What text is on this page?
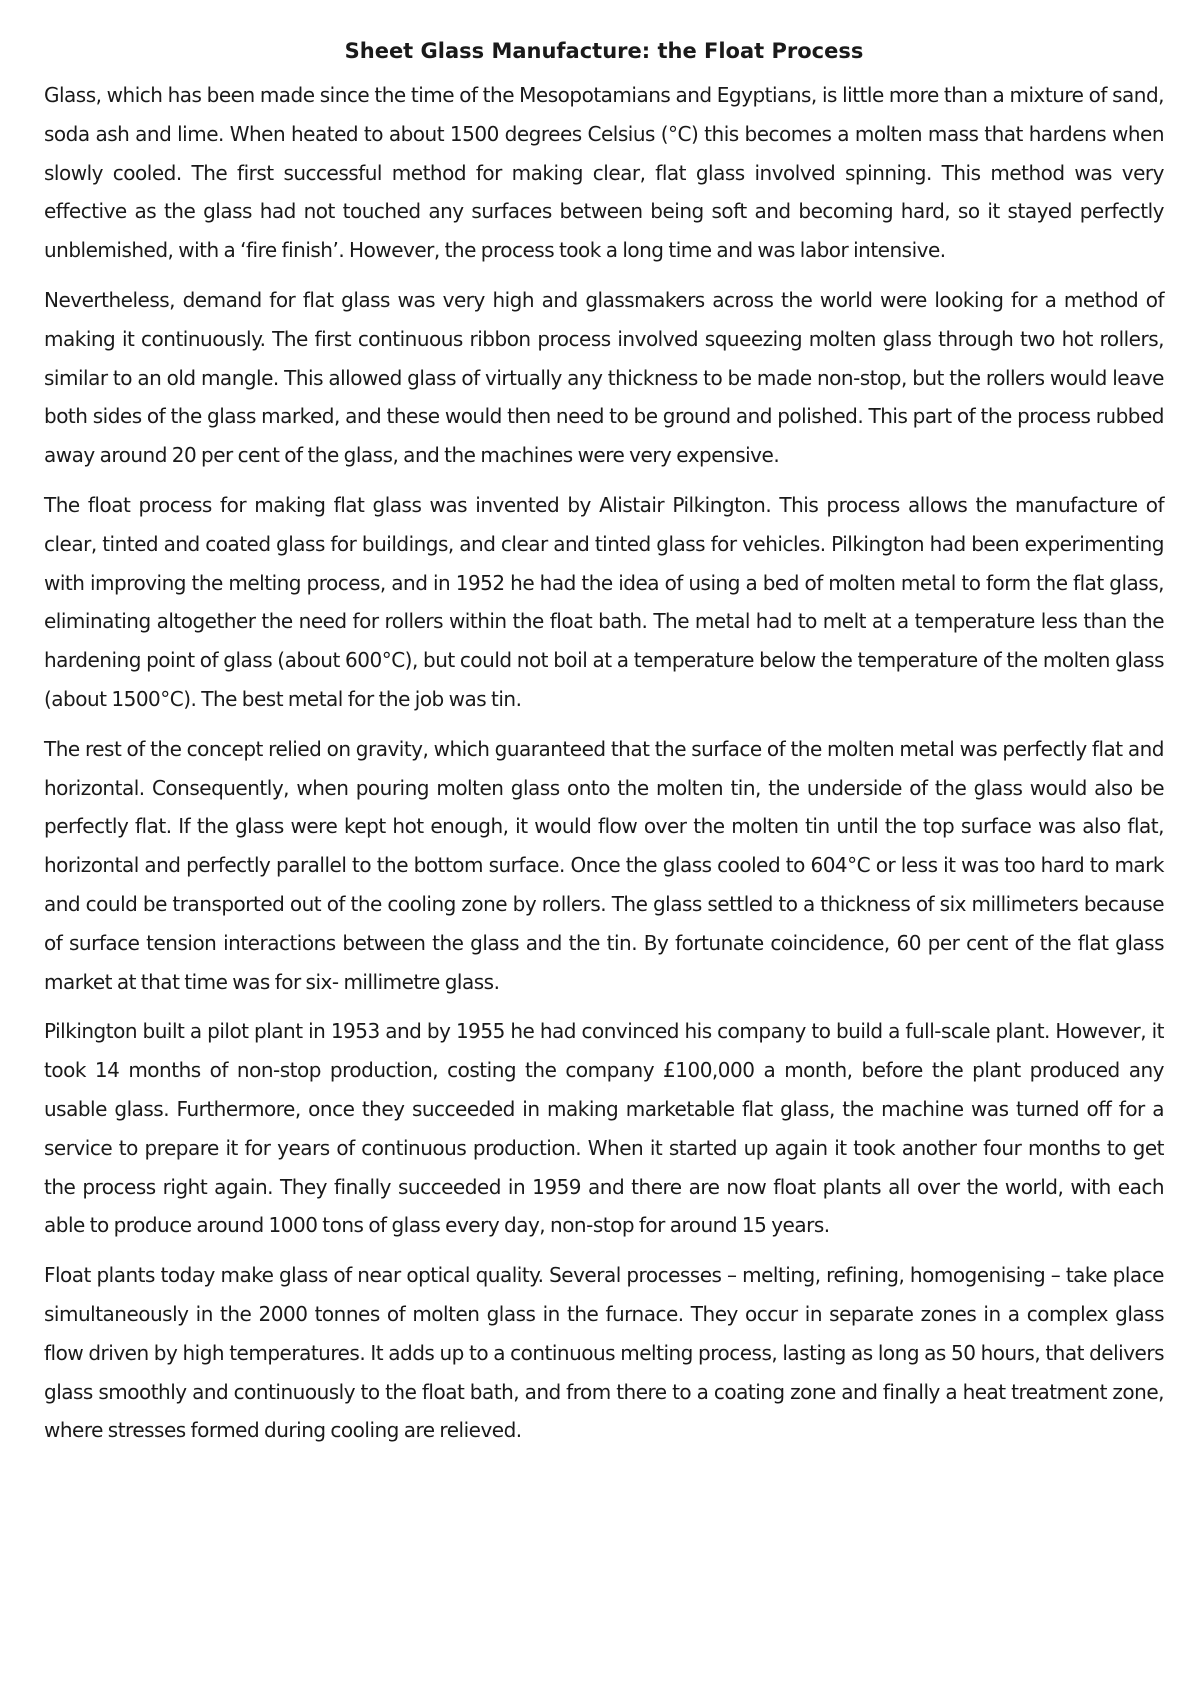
Sheet Glass Manufacture: the Float Process

Glass, which has been made since the time of the Mesopotamians and Egyptians, is little more than a mixture of sand, soda ash and lime. When heated to about 1500 degrees Celsius (°C) this becomes a molten mass that hardens when slowly cooled. The first successful method for making clear, flat glass involved spinning. This method was very effective as the glass had not touched any surfaces between being soft and becoming hard, so it stayed perfectly unblemished, with a ‘fire finish’. However, the process took a long time and was labor intensive.

Nevertheless, demand for flat glass was very high and glassmakers across the world were looking for a method of making it continuously. The first continuous ribbon process involved squeezing molten glass through two hot rollers, similar to an old mangle. This allowed glass of virtually any thickness to be made non-stop, but the rollers would leave both sides of the glass marked, and these would then need to be ground and polished. This part of the process rubbed away around 20 per cent of the glass, and the machines were very expensive.

The float process for making flat glass was invented by Alistair Pilkington. This process allows the manufacture of clear, tinted and coated glass for buildings, and clear and tinted glass for vehicles. Pilkington had been experimenting with improving the melting process, and in 1952 he had the idea of using a bed of molten metal to form the flat glass, eliminating altogether the need for rollers within the float bath. The metal had to melt at a temperature less than the hardening point of glass (about 600°C), but could not boil at a temperature below the temperature of the molten glass (about 1500°C). The best metal for the job was tin.

The rest of the concept relied on gravity, which guaranteed that the surface of the molten metal was perfectly flat and horizontal. Consequently, when pouring molten glass onto the molten tin, the underside of the glass would also be perfectly flat. If the glass were kept hot enough, it would flow over the molten tin until the top surface was also flat, horizontal and perfectly parallel to the bottom surface. Once the glass cooled to 604°C or less it was too hard to mark and could be transported out of the cooling zone by rollers. The glass settled to a thickness of six millimeters because of surface tension interactions between the glass and the tin. By fortunate coincidence, 60 per cent of the flat glass market at that time was for six- millimetre glass.

Pilkington built a pilot plant in 1953 and by 1955 he had convinced his company to build a full-scale plant. However, it took 14 months of non-stop production, costing the company £100,000 a month, before the plant produced any usable glass. Furthermore, once they succeeded in making marketable flat glass, the machine was turned off for a service to prepare it for years of continuous production. When it started up again it took another four months to get the process right again. They finally succeeded in 1959 and there are now float plants all over the world, with each able to produce around 1000 tons of glass every day, non-stop for around 15 years.

Float plants today make glass of near optical quality. Several processes – melting, refining, homogenising – take place simultaneously in the 2000 tonnes of molten glass in the furnace. They occur in separate zones in a complex glass flow driven by high temperatures. It adds up to a continuous melting process, lasting as long as 50 hours, that delivers glass smoothly and continuously to the float bath, and from there to a coating zone and finally a heat treatment zone, where stresses formed during cooling are relieved.
